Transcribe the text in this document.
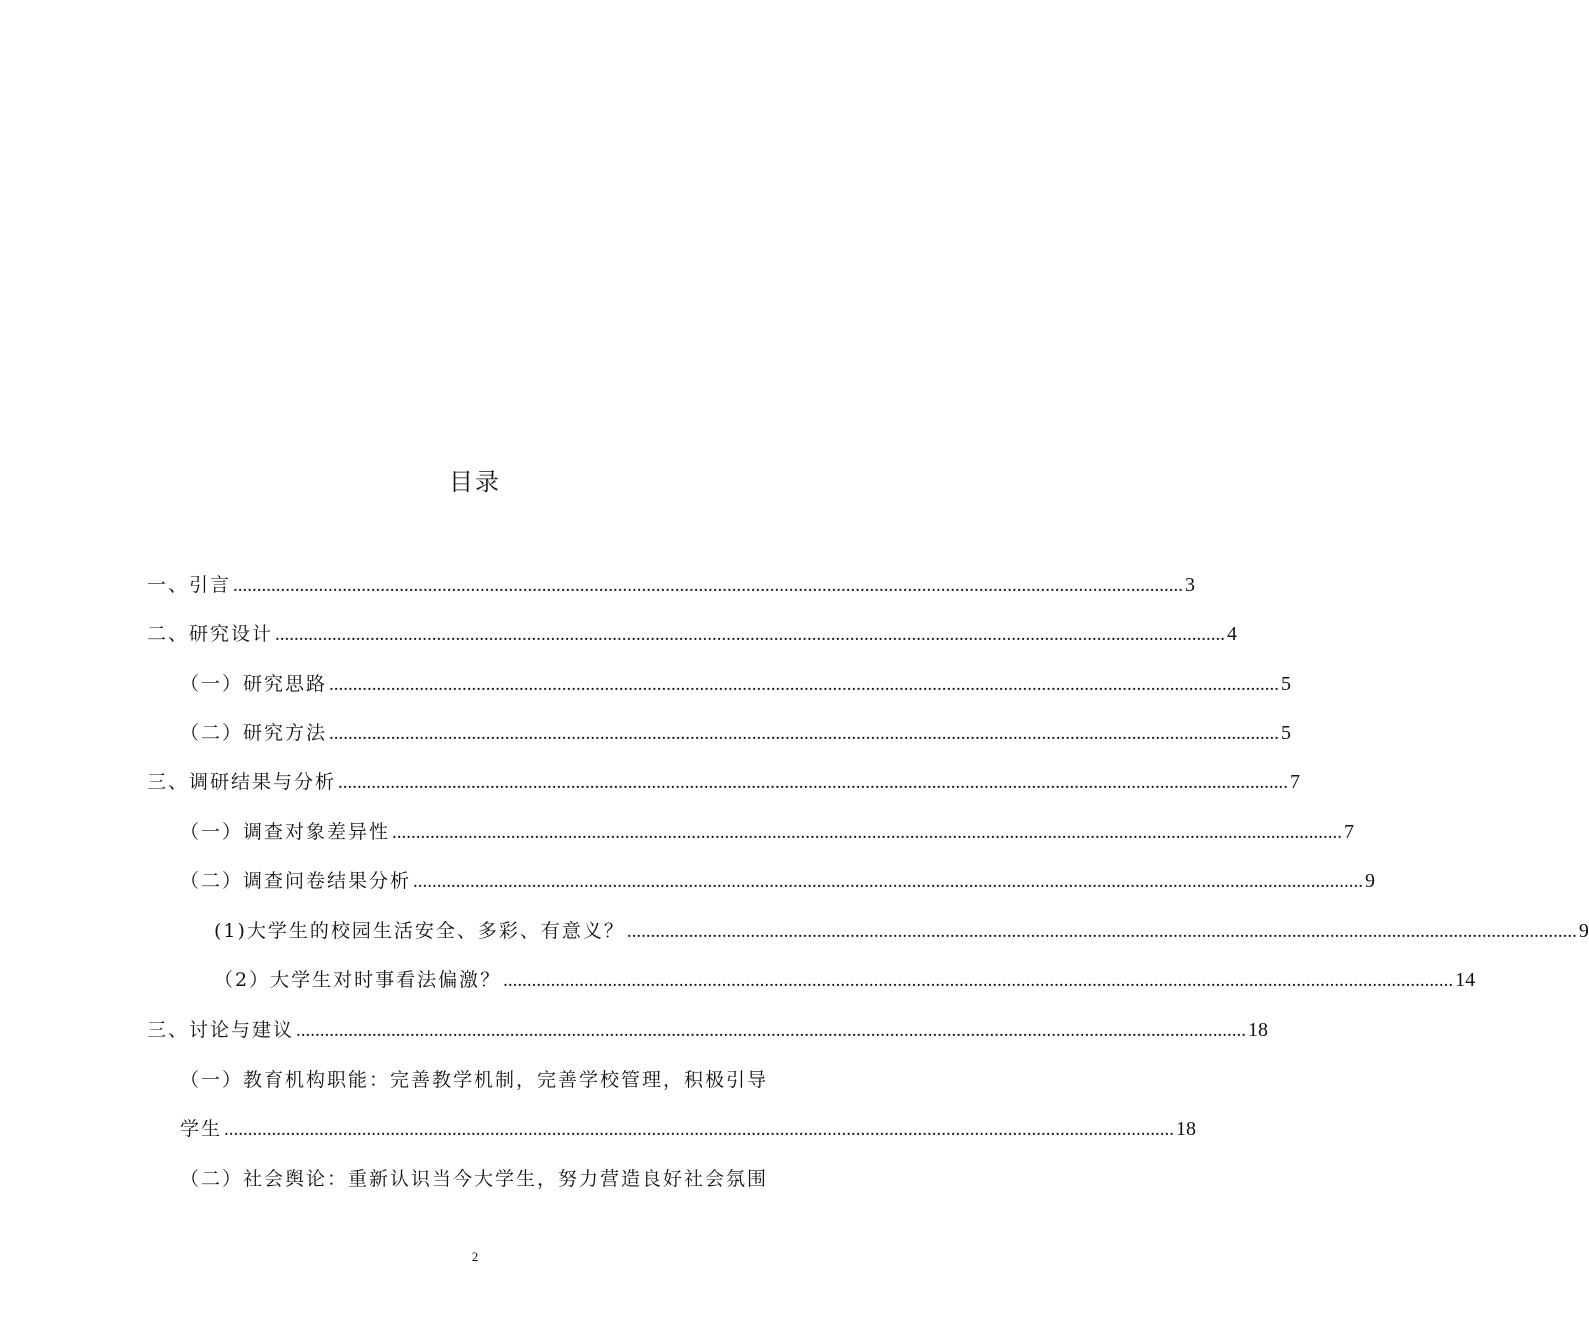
目录
一、 引言 ........................................................................................................................................................................................................ 3
二、 研究设计 ........................................................................................................................................................................................................ 4
（一）研究思路 ........................................................................................................................................................................................................ 5
（二）研究方法 ........................................................................................................................................................................................................ 5
三、 调研结果与分析 ........................................................................................................................................................................................................ 7
（一）调查对象差异性 ........................................................................................................................................................................................................ 7
（二）调查问卷结果分析 ........................................................................................................................................................................................................ 9
(1)大学生的校园生活安全、多彩、有意义？ ........................................................................................................................................................................................................ 9
（2）大学生对时事看法偏激？ ........................................................................................................................................................................................................ 14
三、 讨论与建议 ........................................................................................................................................................................................................ 18
（一）教育机构职能：完善教学机制，完善学校管理，积极引导
学生 ........................................................................................................................................................................................................ 18
（二）社会舆论：重新认识当今大学生，努力营造良好社会氛围
2
